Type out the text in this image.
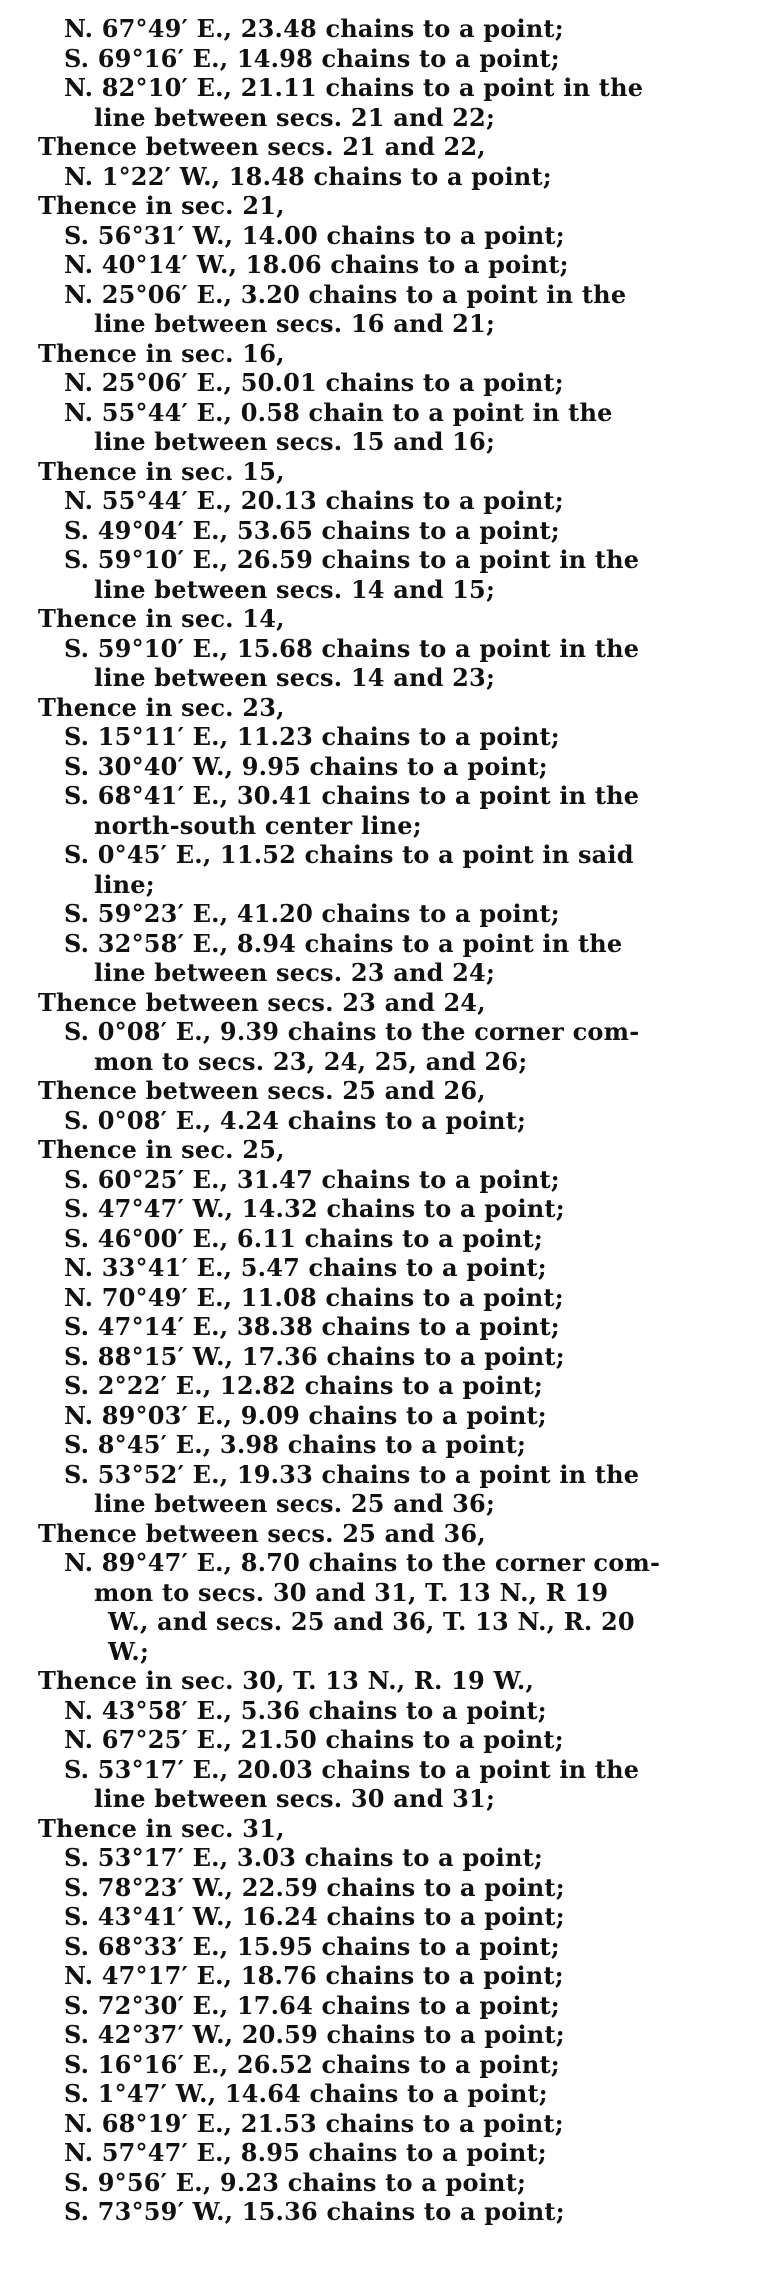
N. 67°49′ E., 23.48 chains to a point;
S. 69°16′ E., 14.98 chains to a point;
N. 82°10′ E., 21.11 chains to a point in the
line between secs. 21 and 22;
Thence between secs. 21 and 22,
N. 1°22′ W., 18.48 chains to a point;
Thence in sec. 21,
S. 56°31′ W., 14.00 chains to a point;
N. 40°14′ W., 18.06 chains to a point;
N. 25°06′ E., 3.20 chains to a point in the
line between secs. 16 and 21;
Thence in sec. 16,
N. 25°06′ E., 50.01 chains to a point;
N. 55°44′ E., 0.58 chain to a point in the
line between secs. 15 and 16;
Thence in sec. 15,
N. 55°44′ E., 20.13 chains to a point;
S. 49°04′ E., 53.65 chains to a point;
S. 59°10′ E., 26.59 chains to a point in the
line between secs. 14 and 15;
Thence in sec. 14,
S. 59°10′ E., 15.68 chains to a point in the
line between secs. 14 and 23;
Thence in sec. 23,
S. 15°11′ E., 11.23 chains to a point;
S. 30°40′ W., 9.95 chains to a point;
S. 68°41′ E., 30.41 chains to a point in the
north-south center line;
S. 0°45′ E., 11.52 chains to a point in said
line;
S. 59°23′ E., 41.20 chains to a point;
S. 32°58′ E., 8.94 chains to a point in the
line between secs. 23 and 24;
Thence between secs. 23 and 24,
S. 0°08′ E., 9.39 chains to the corner com-
mon to secs. 23, 24, 25, and 26;
Thence between secs. 25 and 26,
S. 0°08′ E., 4.24 chains to a point;
Thence in sec. 25,
S. 60°25′ E., 31.47 chains to a point;
S. 47°47′ W., 14.32 chains to a point;
S. 46°00′ E., 6.11 chains to a point;
N. 33°41′ E., 5.47 chains to a point;
N. 70°49′ E., 11.08 chains to a point;
S. 47°14′ E., 38.38 chains to a point;
S. 88°15′ W., 17.36 chains to a point;
S. 2°22′ E., 12.82 chains to a point;
N. 89°03′ E., 9.09 chains to a point;
S. 8°45′ E., 3.98 chains to a point;
S. 53°52′ E., 19.33 chains to a point in the
line between secs. 25 and 36;
Thence between secs. 25 and 36,
N. 89°47′ E., 8.70 chains to the corner com-
mon to secs. 30 and 31, T. 13 N., R 19
W., and secs. 25 and 36, T. 13 N., R. 20
W.;
Thence in sec. 30, T. 13 N., R. 19 W.,
N. 43°58′ E., 5.36 chains to a point;
N. 67°25′ E., 21.50 chains to a point;
S. 53°17′ E., 20.03 chains to a point in the
line between secs. 30 and 31;
Thence in sec. 31,
S. 53°17′ E., 3.03 chains to a point;
S. 78°23′ W., 22.59 chains to a point;
S. 43°41′ W., 16.24 chains to a point;
S. 68°33′ E., 15.95 chains to a point;
N. 47°17′ E., 18.76 chains to a point;
S. 72°30′ E., 17.64 chains to a point;
S. 42°37′ W., 20.59 chains to a point;
S. 16°16′ E., 26.52 chains to a point;
S. 1°47′ W., 14.64 chains to a point;
N. 68°19′ E., 21.53 chains to a point;
N. 57°47′ E., 8.95 chains to a point;
S. 9°56′ E., 9.23 chains to a point;
S. 73°59′ W., 15.36 chains to a point;
